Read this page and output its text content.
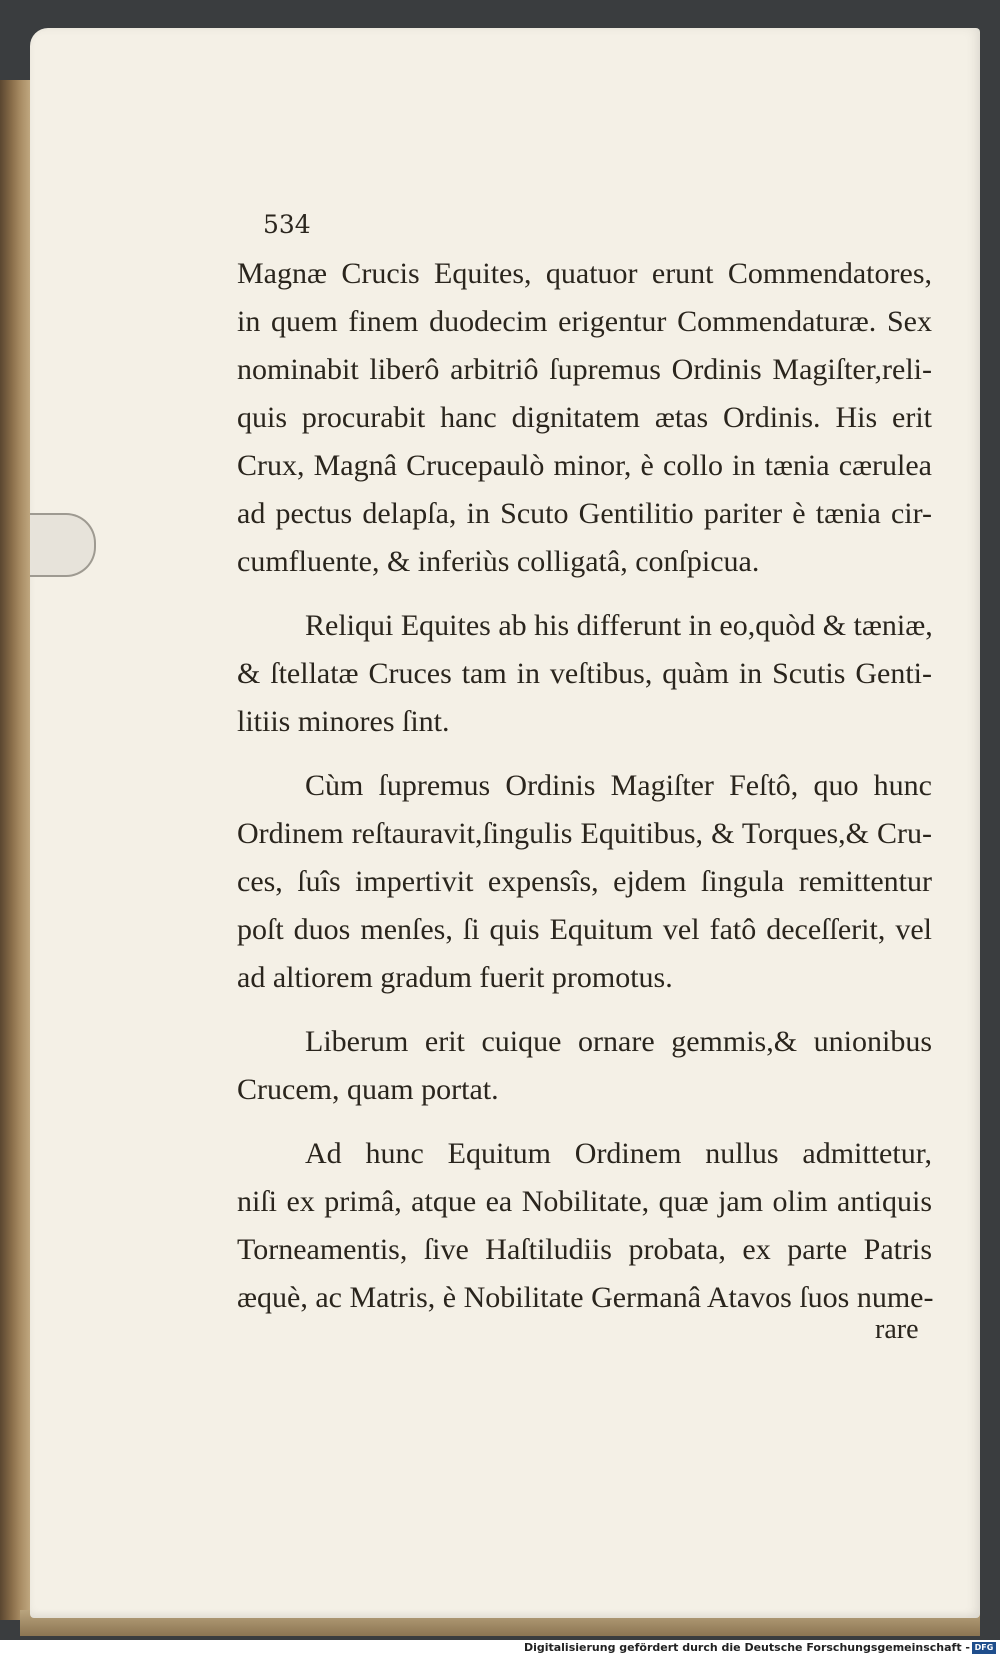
534
Magnæ Crucis Equites, quatuor erunt Commendatores,
in quem finem duodecim erigentur Commendaturæ. Sex
nominabit liberô arbitriô ſupremus Ordinis Magiſter,reli-
quis procurabit hanc dignitatem ætas Ordinis. His erit
Crux, Magnâ Crucepaulò minor, è collo in tænia cærulea
ad pectus delapſa, in Scuto Gentilitio pariter è tænia cir-
cumfluente, & inferiùs colligatâ, conſpicua.
Reliqui Equites ab his differunt in eo,quòd & tæniæ,
& ſtellatæ Cruces tam in veſtibus, quàm in Scutis Genti-
litiis minores ſint.
Cùm ſupremus Ordinis Magiſter Feſtô, quo hunc
Ordinem reſtauravit,ſingulis Equitibus, & Torques,& Cru-
ces, ſuîs impertivit expensîs, ejdem ſingula remittentur
poſt duos menſes, ſi quis Equitum vel fatô deceſſerit, vel
ad altiorem gradum fuerit promotus.
Liberum erit cuique ornare gemmis,& unionibus
Crucem, quam portat.
Ad hunc Equitum Ordinem nullus admittetur,
niſi ex primâ, atque ea Nobilitate, quæ jam olim antiquis
Torneamentis, ſive Haſtiludiis probata, ex parte Patris
æquè, ac Matris, è Nobilitate Germanâ Atavos ſuos nume-
rare
Digitalisierung gefördert durch die Deutsche Forschungsgemeinschaft - DFG
